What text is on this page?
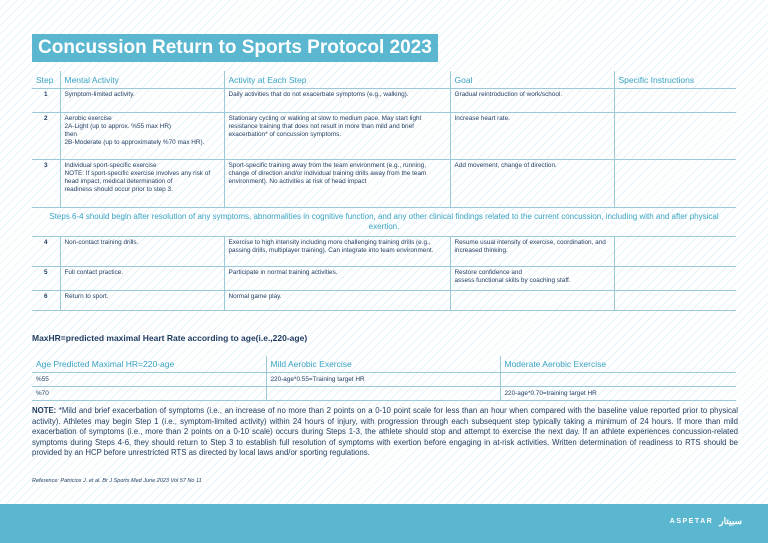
Concussion Return to Sports Protocol 2023
Step	Mental Activity	Activity at Each Step	Goal	Specific Instructions
1	Symptom-limited activity.	Daily activities that do not exacerbate symptoms (e.g., walking).	Gradual reintroduction of work/school.	
2	Aerobic exercise
2A-Light (up to approx. %55 max HR)
then
2B-Moderate (up to approximately %70 max HR).	Stationary cycling or walking at slow to medium pace. May start light resistance training that does not result in more than mild and brief exacerbation* of concussion symptoms.	Increase heart rate.	
3	Individual sport-specific exercise
NOTE: If sport-specific exercise involves any risk of head impact, medical determination of
readiness should occur prior to step 3.	Sport-specific training away from the team environment (e.g., running, change of direction and/or individual training drills away from the team environment). No activities at risk of head impact	Add movement, change of direction.	
Steps 6-4 should begin after resolution of any symptoms, abnormalities in cognitive function, and any other clinical findings related to the current concussion, including with and after physical exertion.				
4	Non-contact training drills.	Exercise to high intensity including more challenging training drills (e.g., passing drills, multiplayer training). Can integrate into team environment.	Resume usual intensity of exercise, coordination, and increased thinking.	
5	Full contact practice.	Participate in normal training activities.	Restore confidence and
assess functional skills by coaching staff.	
6	Return to sport.	Normal game play.		
MaxHR=predicted maximal Heart Rate according to age(i.e.,220-age)
Age Predicted Maximal HR=220-age	Mild Aerobic Exercise	Moderate Aerobic Exercise
%55	220-age*0.55=Training target HR	
%70		220-age*0.70=training target HR
NOTE: *Mild and brief exacerbation of symptoms (i.e., an increase of no more than 2 points on a 0-10 point scale for less than an hour when compared with the baseline value reported prior to physical activity). Athletes may begin Step 1 (i.e., symptom-limited activity) within 24 hours of injury, with progression through each subsequent step typically taking a minimum of 24 hours. If more than mild exacerbation of symptoms (i.e., more than 2 points on a 0-10 scale) occurs during Steps 1-3, the athlete should stop and attempt to exercise the next day. If an athlete experiences concussion-related symptoms during Steps 4-6, they should return to Step 3 to establish full resolution of symptoms with exertion before engaging in at-risk activities. Written determination of readiness to RTS should be provided by an HCP before unrestricted RTS as directed by local laws and/or sporting regulations.
Reference: Patricios J. et al. Br J Sports Med June 2023 Vol 57 No 11
ASPETAR سبيتار
